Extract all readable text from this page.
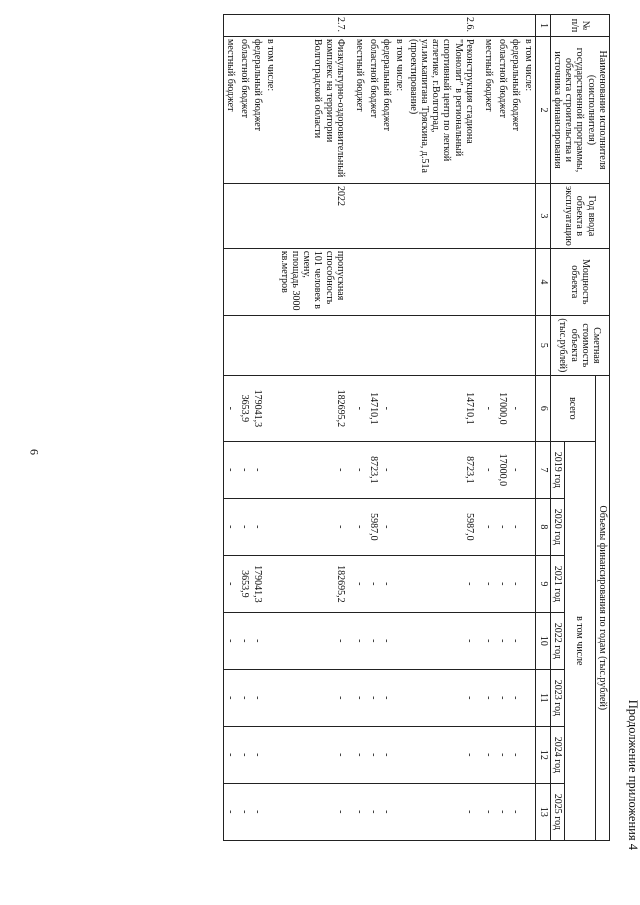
6
Продолжение приложения 4
№ п/п	Наименование исполнителя (соисполнителя) государственной программы, объекта строительства и источника финансирования	Год ввода объекта в эксплуатацию	Мощность объекта	Сметная стоимость объекта (тыс.рублей)	Объемы финансирования по годам (тыс.рублей)							
					всего	в том числе						
						2019 год	2020 год	2021 год	2022 год	2023 год	2024 год	2025 год
1	2	3	4	5	6	7	8	9	10	11	12	13
	в том числе:											
	федеральный бюджет				-	-	-	-	-	-	-	-
	областной бюджет				17000,0	17000,0	-	-	-	-	-	-
	местный бюджет				-	-	-	-	-	-	-	-
2.6.	Реконструкция стадиона "Монолит" в региональный спортивный центр по легкой атлетике, г.Волгоград, ул.им.капитана Тряскина, д.51а (проектирование)				14710,1	8723,1	5987,0	-	-	-	-	-
	в том числе:											
	федеральный бюджет				-	-	-	-	-	-	-	-
	областной бюджет				14710,1	8723,1	5987,0	-	-	-	-	-
	местный бюджет				-	-	-	-	-	-	-	-
2.7.	Физкультурно-оздоровительный комплекс на территории Волгоградской области	2022	пропускная способность 101 человек в смену, площадь 3000 кв.метров		182695,2	-	-	182695,2	-	-	-	-
	в том числе:											
	федеральный бюджет				179041,3	-	-	179041,3	-	-	-	-
	областной бюджет				3653,9	-	-	3653,9	-	-	-	-
	местный бюджет				-	-	-	-	-	-	-	-
